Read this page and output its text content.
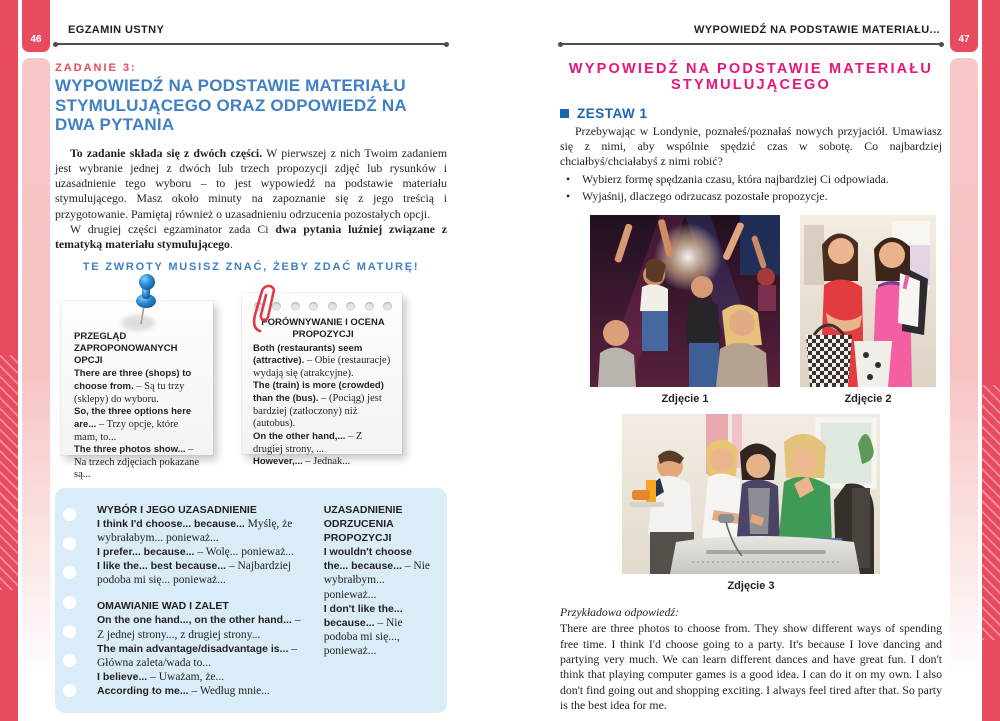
46	47
EGZAMIN USTNY
ZADANIE 3:
WYPOWIEDŹ NA PODSTAWIE MATERIAŁU
STYMULUJĄCEGO ORAZ ODPOWIEDŹ NA DWA PYTANIA

To zadanie składa się z dwóch części. W pierwszej z nich Twoim zadaniem jest wybranie jednej z dwóch lub trzech propozycji zdjęć lub rysunków i uzasadnienie tego wyboru – to jest wypowiedź na podstawie materiału stymulującego. Masz około minuty na zapoznanie się z jego treścią i przygotowanie. Pamiętaj również o uzasadnieniu odrzucenia pozostałych opcji.

W drugiej części egzaminator zada Ci dwa pytania luźniej związane z tematyką materiału stymulującego.

TE ZWROTY MUSISZ ZNAĆ, ŻEBY ZDAĆ MATURĘ!
PRZEGLĄD ZAPROPONOWANYCH OPCJI
There are three (shops) to choose from. – Są tu trzy (sklepy) do wyboru.
So, the three options here are... – Trzy opcje, które mam, to...
The three photos show... – Na trzech zdjęciach pokazane są...
PORÓWNYWANIE I OCENA PROPOZYCJI
Both (restaurants) seem (attractive). – Obie (restauracje) wydają się (atrakcyjne).
The (train) is more (crowded) than the (bus). – (Pociąg) jest bardziej (zatłoczony) niż (autobus).
On the other hand,... – Z drugiej strony, ...
However,... – Jednak...
WYBÓR I JEGO UZASADNIENIE
I think I'd choose... because... Myślę, że wybrałabym... ponieważ...
I prefer... because... – Wolę... ponieważ...
I like the... best because... – Najbardziej podoba mi się... ponieważ...
OMAWIANIE WAD I ZALET
On the one hand..., on the other hand... – Z jednej strony..., z drugiej strony...
The main advantage/disadvantage is... – Główna zaleta/wada to...
I believe... – Uważam, że...
According to me... – Według mnie...
UZASADNIENIE ODRZUCENIA PROPOZYCJI
I wouldn't choose the... because... – Nie wybrałbym... ponieważ...
I don't like the... because... – Nie podoba mi się..., ponieważ...
WYPOWIEDŹ NA PODSTAWIE MATERIAŁU...
WYPOWIEDŹ NA PODSTAWIE MATERIAŁU STYMULUJĄCEGO
ZESTAW 1

Przebywając w Londynie, poznałeś/poznałaś nowych przyjaciół. Umawiasz się z nimi, aby wspólnie spędzić czas w sobotę. Co najbardziej chciałbyś/chciałabyś z nimi robić?

•	Wybierz formę spędzania czasu, która najbardziej Ci odpowiada.
•	Wyjaśnij, dlaczego odrzucasz pozostałe propozycje.
Zdjęcie 1	Zdjęcie 2
Zdjęcie 3
Przykładowa odpowiedź:
There are three photos to choose from. They show different ways of spending free time. I think I'd choose going to a party. It's because I love dancing and partying very much. We can learn different dances and have great fun. I don't think that playing computer games is a good idea. I can do it on my own. I also don't find going out and shopping exciting. I always feel tired after that. So party is the best idea for me.
